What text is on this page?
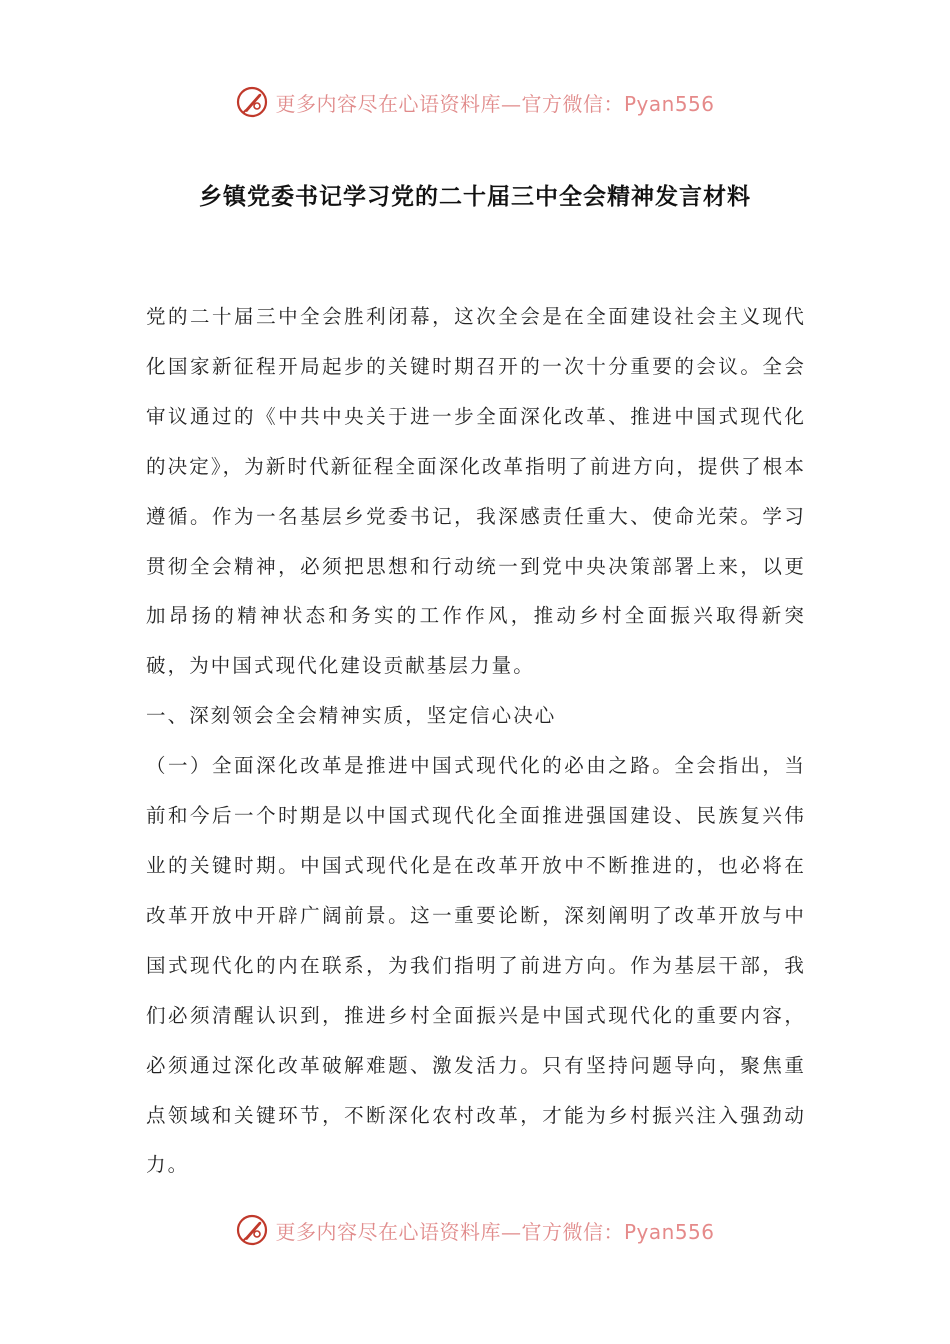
更多内容尽在心语资料库—官方微信：Pyan556
乡镇党委书记学习党的二十届三中全会精神发言材料

党的二十届三中全会胜利闭幕，这次全会是在全面建设社会主义现代化国家新征程开局起步的关键时期召开的一次十分重要的会议。全会审议通过的《中共中央关于进一步全面深化改革、推进中国式现代化的决定》，为新时代新征程全面深化改革指明了前进方向，提供了根本遵循。作为一名基层乡党委书记，我深感责任重大、使命光荣。学习贯彻全会精神，必须把思想和行动统一到党中央决策部署上来，以更加昂扬的精神状态和务实的工作作风，推动乡村全面振兴取得新突破，为中国式现代化建设贡献基层力量。

一、深刻领会全会精神实质，坚定信心决心

（一）全面深化改革是推进中国式现代化的必由之路。全会指出，当前和今后一个时期是以中国式现代化全面推进强国建设、民族复兴伟业的关键时期。中国式现代化是在改革开放中不断推进的，也必将在改革开放中开辟广阔前景。这一重要论断，深刻阐明了改革开放与中国式现代化的内在联系，为我们指明了前进方向。作为基层干部，我们必须清醒认识到，推进乡村全面振兴是中国式现代化的重要内容，必须通过深化改革破解难题、激发活力。只有坚持问题导向，聚焦重点领域和关键环节，不断深化农村改革，才能为乡村振兴注入强劲动力。

更多内容尽在心语资料库—官方微信：Pyan556
